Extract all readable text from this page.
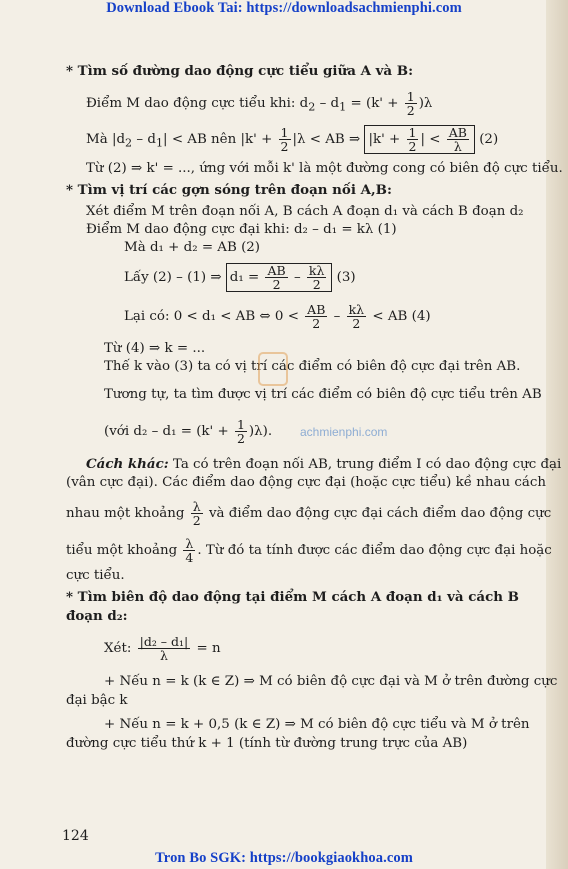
Download Ebook Tai: https://downloadsachmienphi.com
* Tìm số đường dao động cực tiểu giữa A và B:
Điểm M dao động cực tiểu khi: $d_2 - d_1 = (k' + \frac{1}{2} )\lambda$
Mà $|d_2 - d_1|$ < AB nên $|k' + \frac{1}{2} |\lambda$ < AB ⇒ $|k' + \frac{1}{2}$ | < $\frac{AB}{\lambda} (2)$
Từ (2) ⇒ k' = ..., ứng với mỗi k' là một đường cong có biên độ cực tiểu.
* Tìm vị trí các gợn sóng trên đoạn nối A,B:
Xét điểm M trên đoạn nối A, B cách A đoạn d₁ và cách B đoạn d₂
Điểm M dao động cực đại khi: d₂ – d₁ = kλ (1)
Mà d₁ + d₂ = AB (2)
Lấy (2) – (1) ⇒ $d_1 = \frac{AB}{2} - \frac{k\lambda}{2} (3)$
Lại có: 0 < d₁ < AB ⇔ $0 < \frac{AB}{2} - \frac{k\lambda}{2}$ < AB (4)
Từ (4) ⇒ k = ...
Thế k vào (3) ta có vị trí các điểm có biên độ cực đại trên AB.
Tương tự, ta tìm được vị trí các điểm có biên độ cực tiểu trên AB
(với $d_2 - d_1 = (k' + \frac{1}{2} )\lambda$). achmienphi.com
Cách khác: Ta có trên đoạn nối AB, trung điểm I có dao động cực đại
(vân cực đại). Các điểm dao động cực đại (hoặc cực tiểu) kề nhau cách
nhau một khoảng $\frac{\lambda}{2}$ và điểm dao động cực đại cách điểm dao động cực
tiểu một khoảng $\frac{\lambda}{4}$ . Từ đó ta tính được các điểm dao động cực đại hoặc
cực tiểu.
* Tìm biên độ dao động tại điểm M cách A đoạn d₁ và cách B
đoạn d₂:
Xét: $\frac{\text{|d₂ – d₁|}}{\lambda} = n$
+ Nếu n = k (k ∈ Z) ⇒ M có biên độ cực đại và M ở trên đường cực
đại bậc k
+ Nếu n = k + 0,5 (k ∈ Z) ⇒ M có biên độ cực tiểu và M ở trên
đường cực tiểu thứ k + 1 (tính từ đường trung trực của AB)
124
Tron Bo SGK: https://bookgiaokhoa.com
